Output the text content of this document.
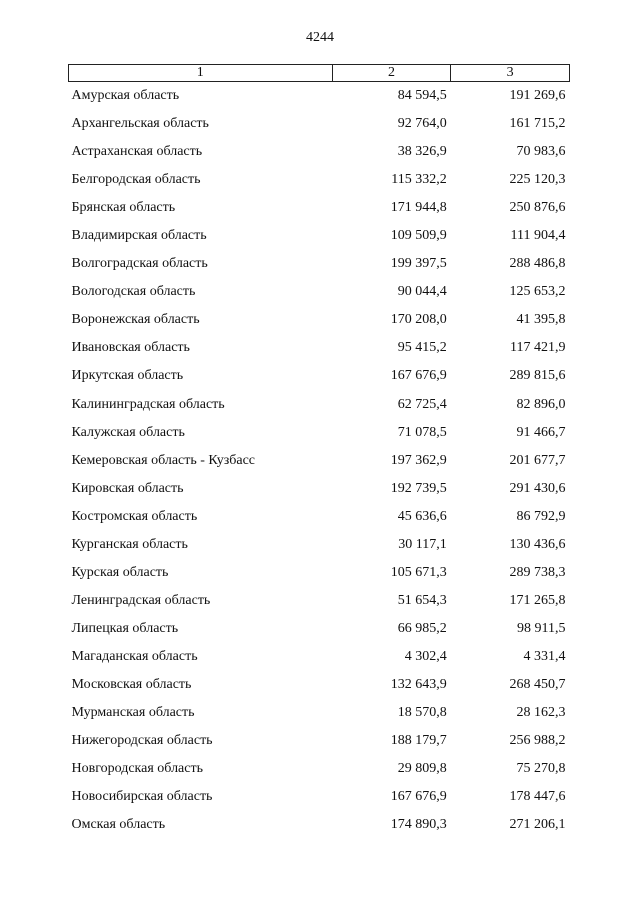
4244
1	2	3
Амурская область	84 594,5	191 269,6
Архангельская область	92 764,0	161 715,2
Астраханская область	38 326,9	70 983,6
Белгородская область	115 332,2	225 120,3
Брянская область	171 944,8	250 876,6
Владимирская область	109 509,9	111 904,4
Волгоградская область	199 397,5	288 486,8
Вологодская область	90 044,4	125 653,2
Воронежская область	170 208,0	41 395,8
Ивановская область	95 415,2	117 421,9
Иркутская область	167 676,9	289 815,6
Калининградская область	62 725,4	82 896,0
Калужская область	71 078,5	91 466,7
Кемеровская область - Кузбасс	197 362,9	201 677,7
Кировская область	192 739,5	291 430,6
Костромская область	45 636,6	86 792,9
Курганская область	30 117,1	130 436,6
Курская область	105 671,3	289 738,3
Ленинградская область	51 654,3	171 265,8
Липецкая область	66 985,2	98 911,5
Магаданская область	4 302,4	4 331,4
Московская область	132 643,9	268 450,7
Мурманская область	18 570,8	28 162,3
Нижегородская область	188 179,7	256 988,2
Новгородская область	29 809,8	75 270,8
Новосибирская область	167 676,9	178 447,6
Омская область	174 890,3	271 206,1
